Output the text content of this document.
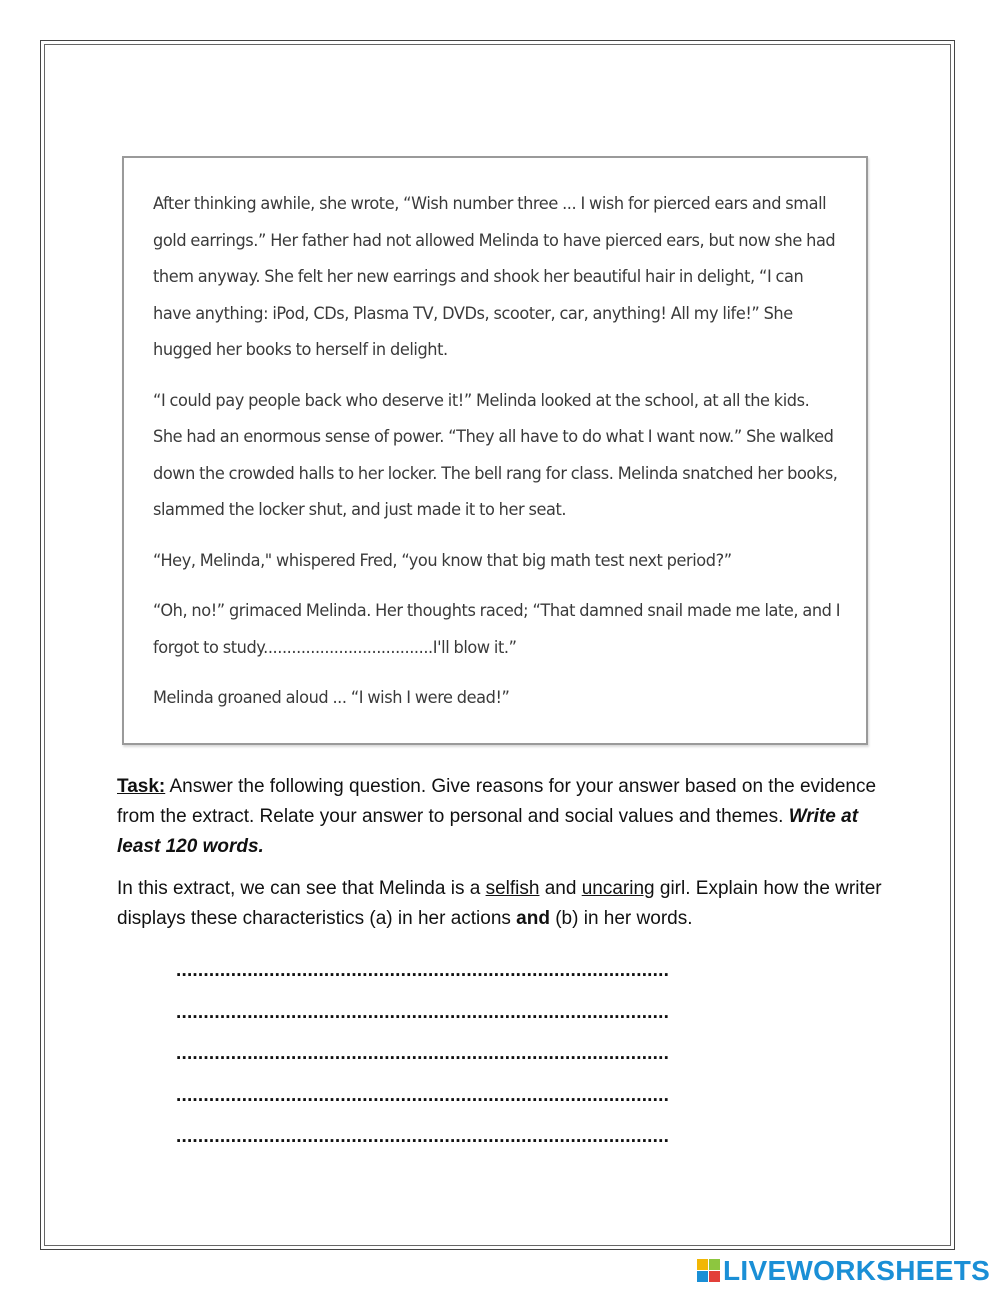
After thinking awhile, she wrote, “Wish number three ... I wish for pierced ears and small gold earrings.” Her father had not allowed Melinda to have pierced ears, but now she had them anyway. She felt her new earrings and shook her beautiful hair in delight, “I can have anything: iPod, CDs, Plasma TV, DVDs, scooter, car, anything! All my life!” She hugged her books to herself in delight.

“I could pay people back who deserve it!” Melinda looked at the school, at all the kids. She had an enormous sense of power. “They all have to do what I want now.” She walked down the crowded halls to her locker. The bell rang for class. Melinda snatched her books, slammed the locker shut, and just made it to her seat.

“Hey, Melinda," whispered Fred, “you know that big math test next period?”

“Oh, no!” grimaced Melinda. Her thoughts raced; “That damned snail made me late, and I forgot to study....................................I'll blow it.”

Melinda groaned aloud ... “I wish I were dead!”

Task: Answer the following question. Give reasons for your answer based on the evidence from the extract. Relate your answer to personal and social values and themes. Write at least 120 words.

In this extract, we can see that Melinda is a selfish and uncaring girl. Explain how the writer displays these characteristics (a) in her actions and (b) in her words.

..........................................................................................
..........................................................................................
..........................................................................................
..........................................................................................
..........................................................................................
LIVEWORKSHEETS
